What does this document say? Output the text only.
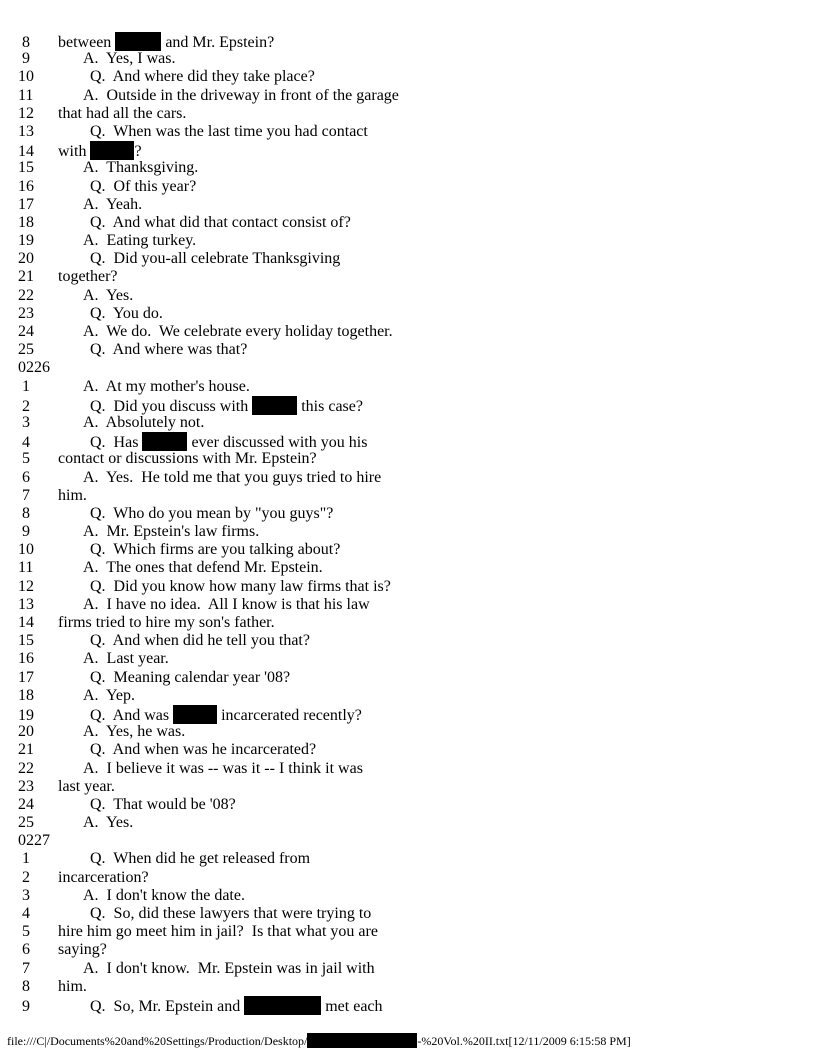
8 between	and Mr. Epstein?
9	A.  Yes, I was.
10	Q.  And where did they take place?
11	A.  Outside in the driveway in front of the garage
12 that had all the cars.
13	Q.  When was the last time you had contact
14 with	?
15	A.  Thanksgiving.
16	Q.  Of this year?
17	A.  Yeah.
18	Q.  And what did that contact consist of?
19	A.  Eating turkey.
20	Q.  Did you-all celebrate Thanksgiving
21 together?
22	A.  Yes.
23	Q.  You do.
24	A.  We do.  We celebrate every holiday together.
25	Q.  And where was that?
0226
1	A.  At my mother's house.
2	Q.  Did you discuss with	this case?
3	A.  Absolutely not.
4	Q.  Has	ever discussed with you his
5 contact or discussions with Mr. Epstein?
6	A.  Yes.  He told me that you guys tried to hire
7 him.
8	Q.  Who do you mean by "you guys"?
9	A.  Mr. Epstein's law firms.
10	Q.  Which firms are you talking about?
11	A.  The ones that defend Mr. Epstein.
12	Q.  Did you know how many law firms that is?
13	A.  I have no idea.  All I know is that his law
14 firms tried to hire my son's father.
15	Q.  And when did he tell you that?
16	A.  Last year.
17	Q.  Meaning calendar year '08?
18	A.  Yep.
19	Q.  And was	incarcerated recently?
20	A.  Yes, he was.
21	Q.  And when was he incarcerated?
22	A.  I believe it was -- was it -- I think it was
23 last year.
24	Q.  That would be '08?
25	A.  Yes.
0227
1	Q.  When did he get released from
2 incarceration?
3	A.  I don't know the date.
4	Q.  So, did these lawyers that were trying to
5 hire him go meet him in jail?  Is that what you are
6 saying?
7	A.  I don't know.  Mr. Epstein was in jail with
8 him.
9	Q.  So, Mr. Epstein and	met each
file:///C|/Documents%20and%20Settings/Production/Desktop/	-%20Vol.%20II.txt[12/11/2009 6:15:58 PM]
